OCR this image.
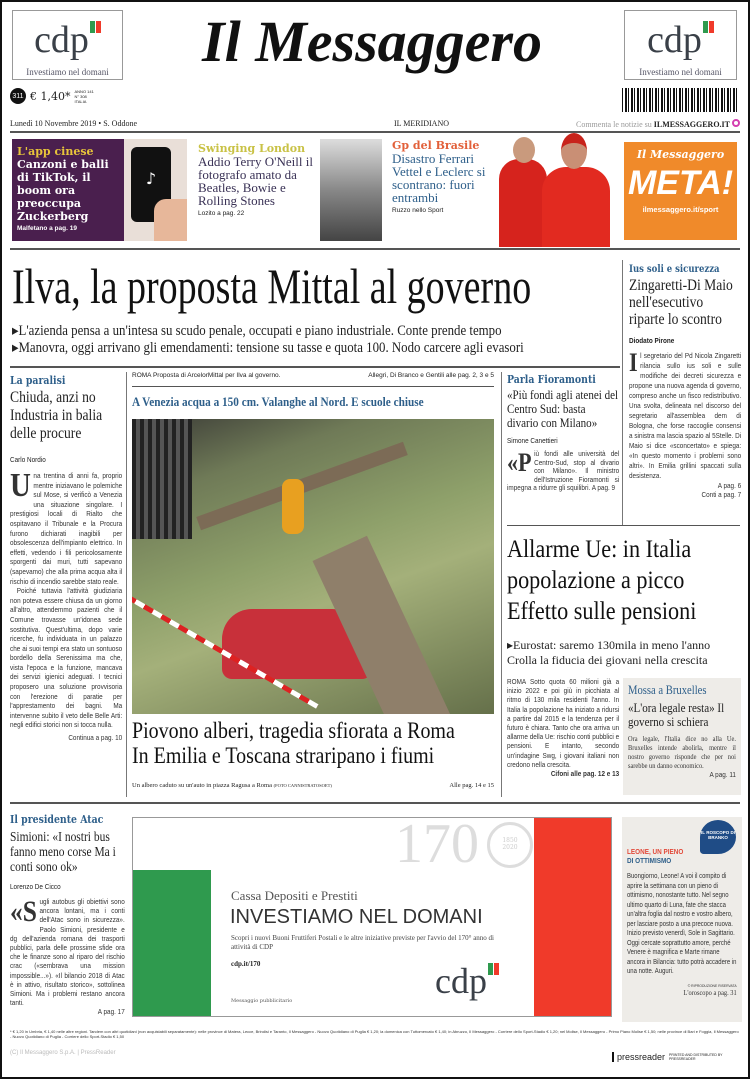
cdp
Investiamo nel domani	Il Messaggero	cdp
Investiamo nel domani
311 € 1,40* ANNO 141 N° 308 ITALIA
Lunedì 10 Novembre 2019 • S. Oddone	IL MERIDIANO	Commenta le notizie su ILMESSAGGERO.IT
L'app cinese
Canzoni e balli di TikTok, il boom ora preoccupa Zuckerberg
Malfetano a pag. 19
♪
Swinging London
Addio Terry O'Neill il fotografo amato da Beatles, Bowie e Rolling Stones
Lozito a pag. 22
Gp del Brasile
Disastro Ferrari Vettel e Leclerc si scontrano: fuori entrambi
Ruzzo nello Sport
Il Messaggero
META!
ilmessaggero.it/sport
Ilva, la proposta Mittal al governo
▸L'azienda pensa a un'intesa su scudo penale, occupati e piano industriale. Conte prende tempo
▸Manovra, oggi arrivano gli emendamenti: tensione su tasse e quota 100. Nodo carcere agli evasori
Ius soli e sicurezza
Zingaretti-Di Maio nell'esecutivo riparte lo scontro
Diodato Pirone
Il segretario del Pd Nicola Zingaretti rilancia sullo ius soli e sulle modifiche dei decreti sicurezza e propone una nuova agenda di governo, compreso anche un fisco redistributivo. Una svolta, delineata nel discorso del segretario all'assemblea dem di Bologna, che forse raccoglie consensi a sinistra ma lascia spazio al 5Stelle. Di Maio si dice «sconcertato» e spiega: «In questo momento i problemi sono altri». In Emilia grillini spaccati sulla desistenza.
A pag. 6
Conti a pag. 7
La paralisi
Chiuda, anzi no Industria in balia delle procure
Carlo Nordio
Una trentina di anni fa, proprio mentre iniziavano le polemiche sul Mose, si verificò a Venezia una situazione singolare. I prestigiosi locali di Rialto che ospitavano il Tribunale e la Procura furono dichiarati inagibili per obsolescenza dell'impianto elettrico. In effetti, vedendo i fili pericolosamente sporgenti dai muri, tutti sapevano (sapevamo) che alla prima acqua alta il rischio di incendio sarebbe stato reale.
Poiché tuttavia l'attività giudiziaria non poteva essere chiusa da un giorno all'altro, attendemmo pazienti che il Comune trovasse un'idonea sede sostitutiva. Quest'ultima, dopo varie ricerche, fu individuata in un palazzo che ai suoi tempi era stato un sontuoso bordello della Serenissima ma che, vista l'epoca e la funzione, mancava dei servizi igienici adeguati. I tecnici proposero una soluzione provvisoria con l'erezione di paratie per l'apprestamento dei bagni. Ma intervenne subito il veto delle Belle Arti: negli edifici storici non si tocca nulla.
Continua a pag. 10
ROMA Proposta di ArcelorMittal per Ilva al governo.	Allegri, Di Branco e Gentili alle pag. 2, 3 e 5
A Venezia acqua a 150 cm. Valanghe al Nord. E scuole chiuse
Piovono alberi, tragedia sfiorata a Roma
In Emilia e Toscana straripano i fiumi
Un albero caduto su un'auto in piazza Ragusa a Roma (FOTO CANNISTRATOSOET)	Alle pag. 14 e 15
Parla Fioramonti
«Più fondi agli atenei del Centro Sud: basta divario con Milano»
Simone Canettieri
«Più fondi alle università del Centro-Sud, stop al divario con Milano». Il ministro dell'Istruzione Fioramonti si impegna a ridurre gli squilibri. A pag. 9
Allarme Ue: in Italia popolazione a picco Effetto sulle pensioni
▸Eurostat: saremo 130mila in meno l'anno
Crolla la fiducia dei giovani nella crescita
ROMA Sotto quota 60 milioni già a inizio 2022 e poi giù in picchiata al ritmo di 130 mila residenti l'anno. In Italia la popolazione ha iniziato a ridursi a partire dal 2015 e la tendenza per il futuro è chiara. Tanto che ora arriva un allarme della Ue: rischio conti pubblici e pensioni. E intanto, secondo un'indagine Swg, i giovani italiani non credono nella crescita.
Cifoni alle pag. 12 e 13
Mossa a Bruxelles
«L'ora legale resta» Il governo si schiera
Ora legale, l'Italia dice no alla Ue. Bruxelles intende abolirla, mentre il nostro governo risponde che per noi sarebbe un danno economico.
A pag. 11
Il presidente Atac
Simioni: «I nostri bus fanno meno corse Ma i conti sono ok»
Lorenzo De Cicco
«Sugli autobus gli obiettivi sono ancora lontani, ma i conti dell'Atac sono in sicurezza». Paolo Simioni, presidente e dg dell'azienda romana dei trasporti pubblici, parla delle prossime sfide ora che le finanze sono al riparo del rischio crac («sembrava una mission impossible...»). «Il bilancio 2018 di Atac è in attivo, risultato storico», sottolinea Simioni. Ma i problemi restano ancora tanti.
A pag. 17
170	1850 2020
Cassa Depositi e Prestiti
INVESTIAMO NEL DOMANI
Scopri i nuovi Buoni Fruttiferi Postali e le altre iniziative previste per l'avvio del 170° anno di attività di CDP
cdp.it/170
Messaggio pubblicitario	cdp
IL ROSCOPO DI BRANKO
LEONE, UN PIENO
DI OTTIMISMO
Buongiorno, Leone! A voi il compito di aprire la settimana con un pieno di ottimismo, nonostante tutto. Nel segno ultimo quarto di Luna, fate che stacca un'altra foglia dal nostro e vostro albero, per lasciare posto a una precoce nuova. Inizio previsto venerdì, Sole in Sagittario. Oggi cercate soprattutto amore, perché Venere è magnifica e Marte rimane ancora in Bilancia: tutto potrà accadere in una notte. Auguri.
© RIPRODUZIONE RISERVATA
L'oroscopo a pag. 31
* € 1,20 in Umbria, € 1,40 nelle altre regioni. Tandem con altri quotidiani (non acquistabili separatamente): nelle province di Matera, Lecce, Brindisi e Taranto, Il Messaggero - Nuovo Quotidiano di Puglia € 1,20; la domenica con Tuttomercato € 1,40; in Abruzzo, Il Messaggero - Corriere dello Sport-Stadio € 1,20; nel Molise, Il Messaggero - Primo Piano Molise € 1,50; nelle province di Bari e Foggia, Il Messaggero - Nuovo Quotidiano di Puglia - Corriere dello Sport-Stadio € 1,50
(C) Il Messaggero S.p.A. | PressReader	pressreader PRINTED AND DISTRIBUTED BY PRESSREADER
